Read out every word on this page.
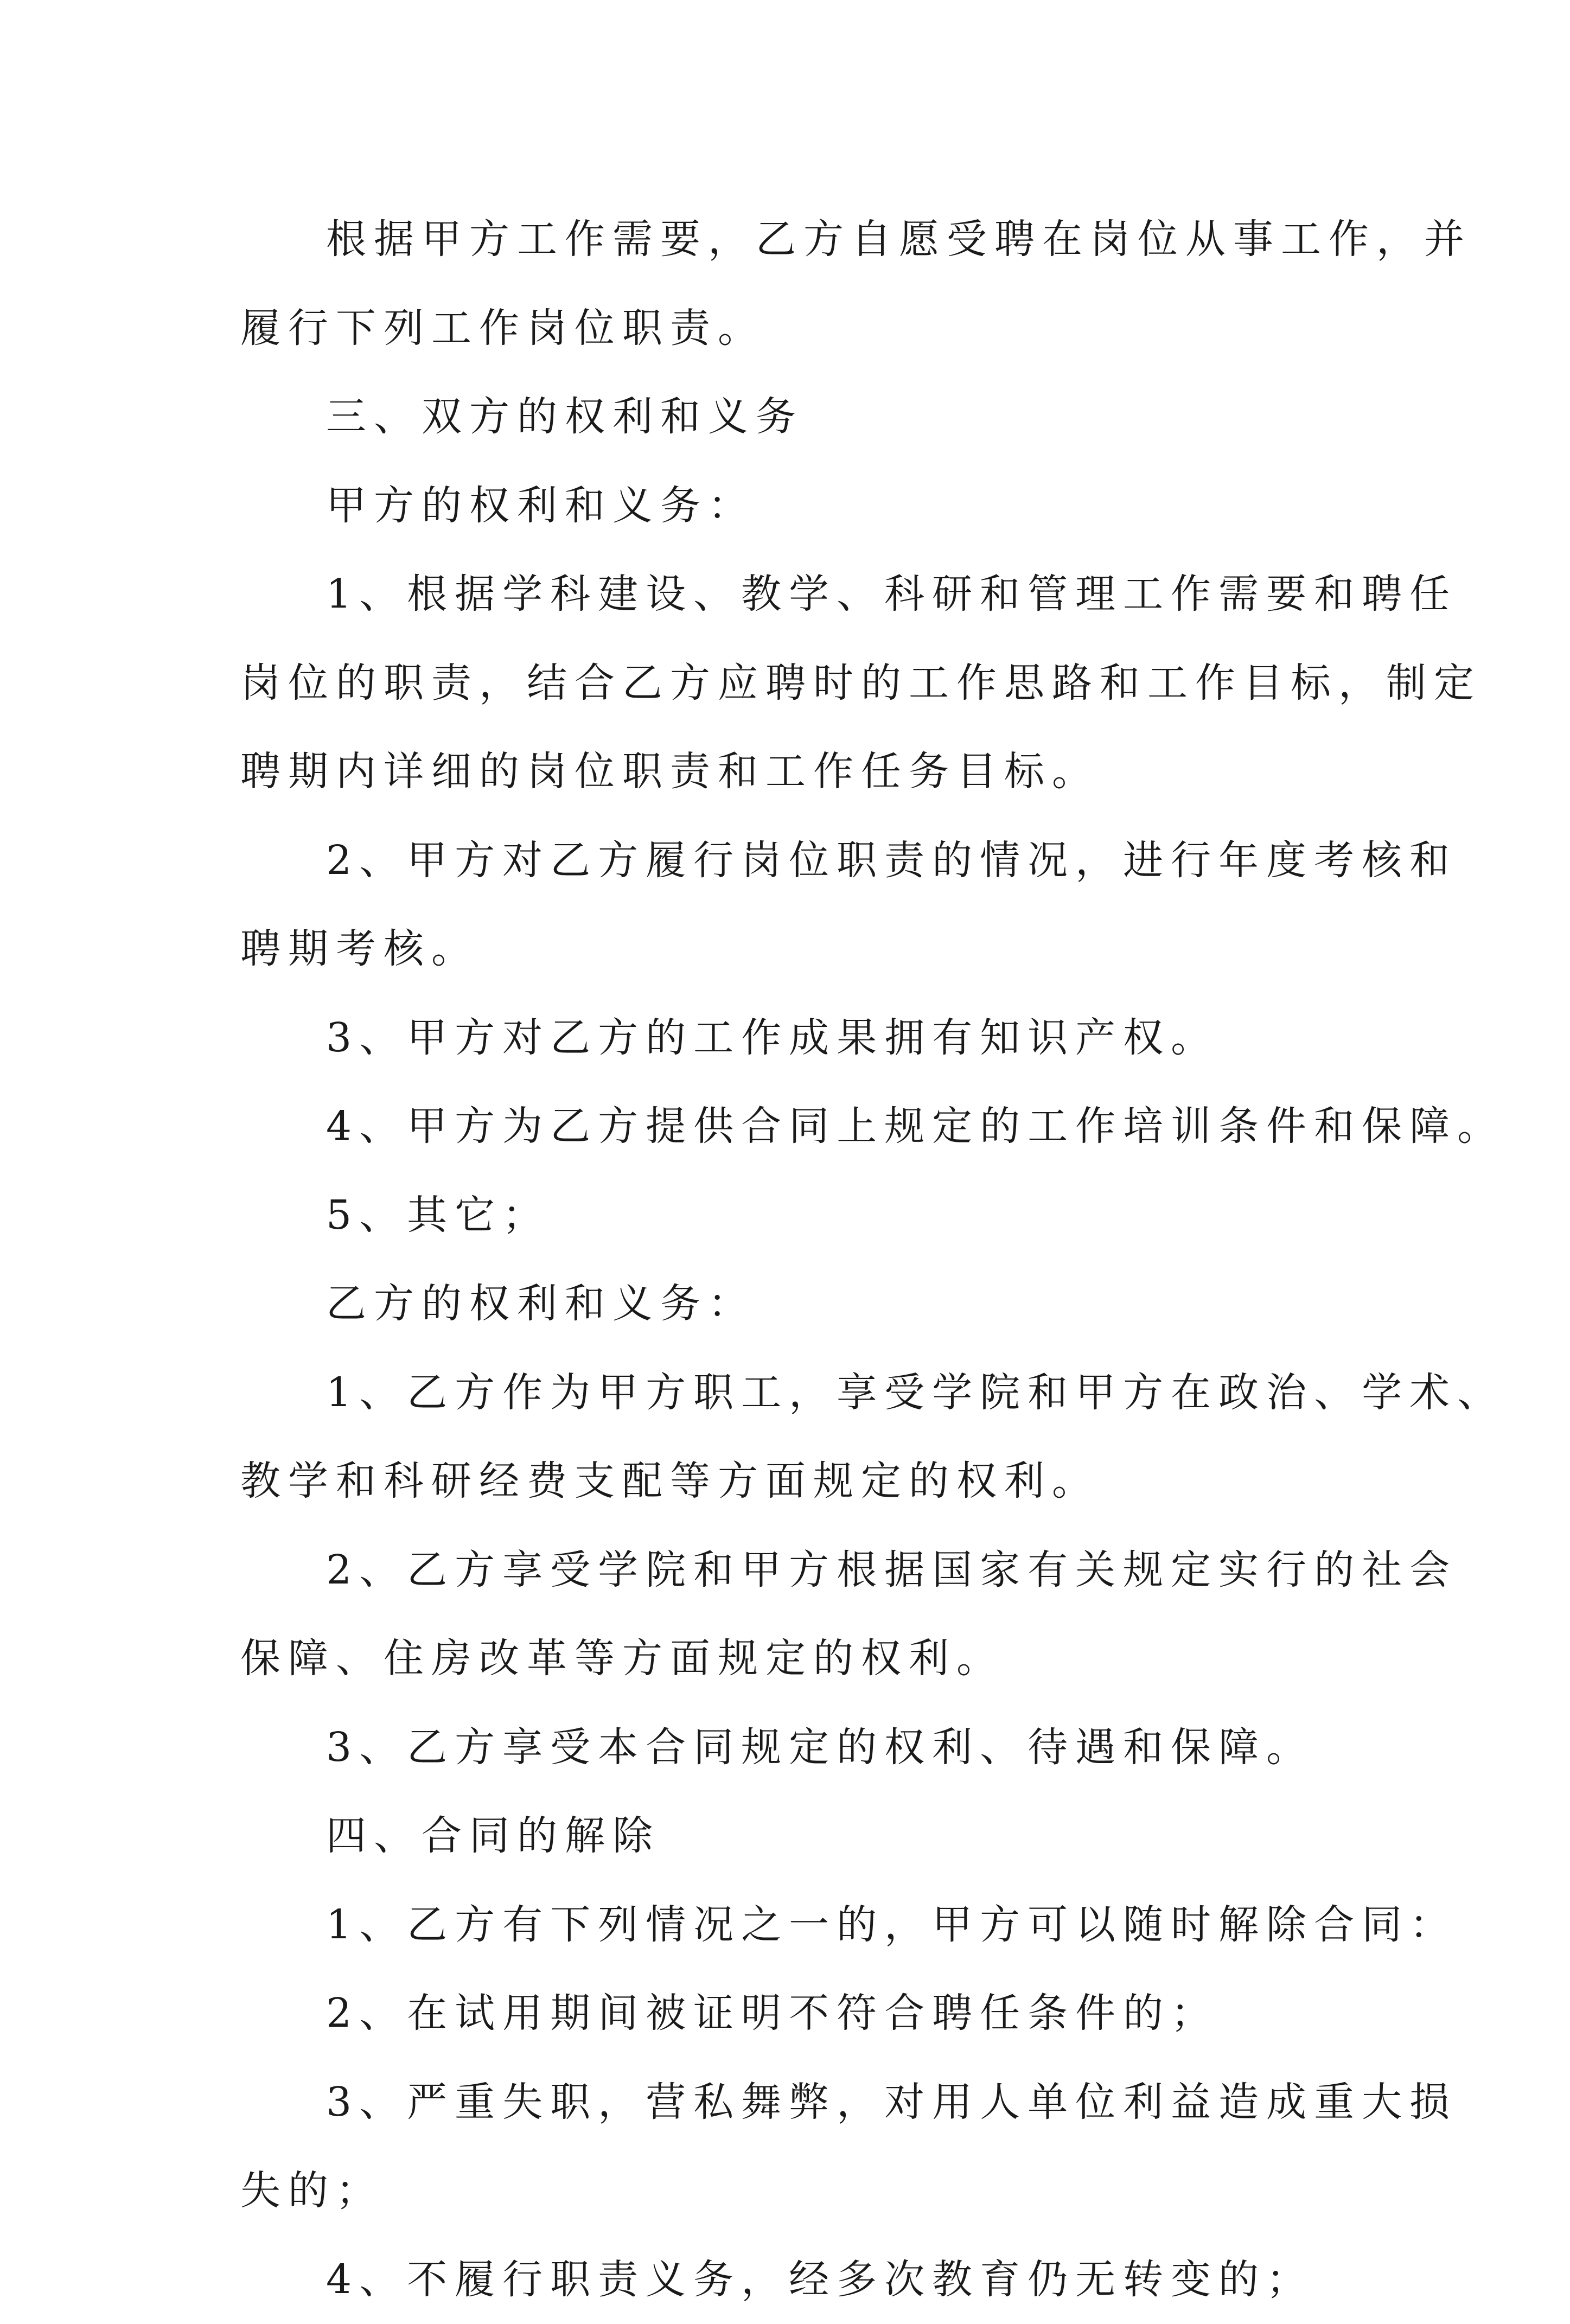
根据甲方工作需要，乙方自愿受聘在岗位从事工作，并
履行下列工作岗位职责。
三、双方的权利和义务
甲方的权利和义务：
1、根据学科建设、教学、科研和管理工作需要和聘任
岗位的职责，结合乙方应聘时的工作思路和工作目标，制定
聘期内详细的岗位职责和工作任务目标。
2、甲方对乙方履行岗位职责的情况，进行年度考核和
聘期考核。
3、甲方对乙方的工作成果拥有知识产权。
4、甲方为乙方提供合同上规定的工作培训条件和保障。
5、其它；
乙方的权利和义务：
1、乙方作为甲方职工，享受学院和甲方在政治、学术、
教学和科研经费支配等方面规定的权利。
2、乙方享受学院和甲方根据国家有关规定实行的社会
保障、住房改革等方面规定的权利。
3、乙方享受本合同规定的权利、待遇和保障。
四、合同的解除
1、乙方有下列情况之一的，甲方可以随时解除合同：
2、在试用期间被证明不符合聘任条件的；
3、严重失职，营私舞弊，对用人单位利益造成重大损
失的；
4、不履行职责义务，经多次教育仍无转变的；
